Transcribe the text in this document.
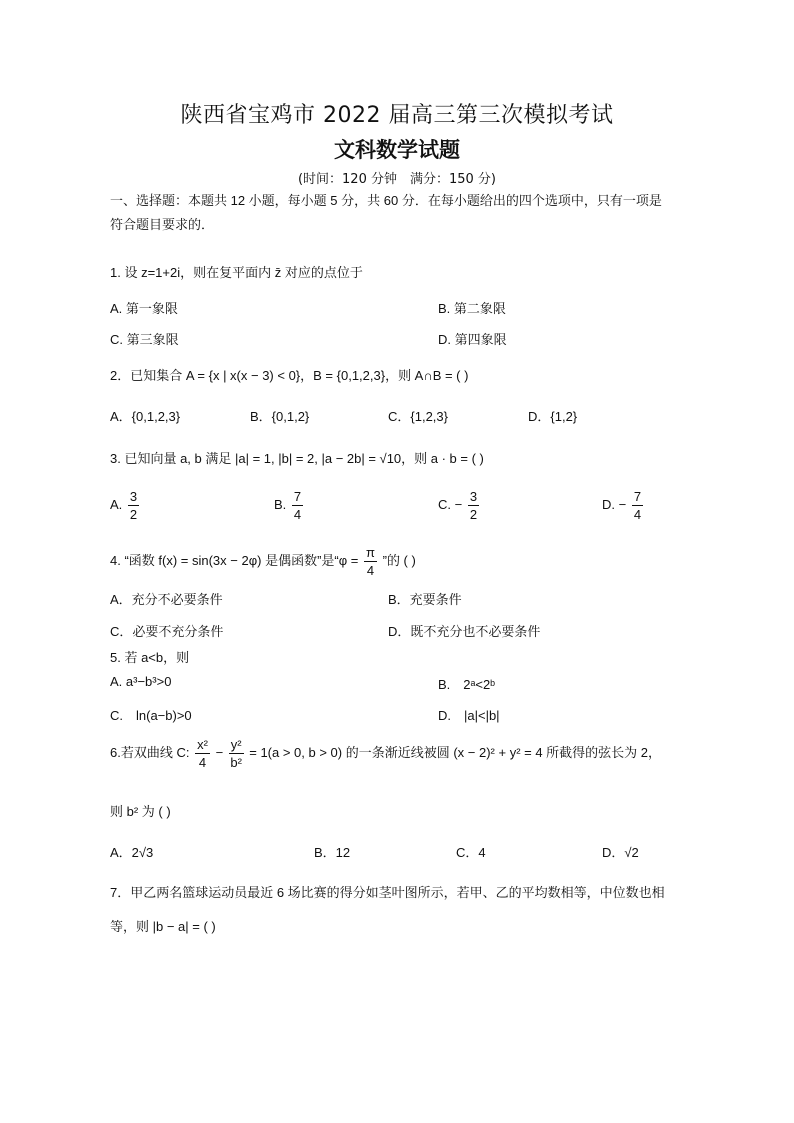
陕西省宝鸡市 2022 届高三第三次模拟考试
文科数学试题
(时间：120 分钟　满分：150 分)
一、选择题：本题共 12 小题，每小题 5 分，共 60 分．在每小题给出的四个选项中，只有一项是
符合题目要求的．
1. 设 z=1+2i，则在复平面内 z̄ 对应的点位于
A. 第一象限	B. 第二象限
C. 第三象限	D. 第四象限
2．已知集合 A = {x | x(x − 3) < 0}，B = {0,1,2,3}，则 A∩B = ( )
A．{0,1,2,3}	B．{0,1,2}	C．{1,2,3}	D．{1,2}
3. 已知向量 a, b 满足 |a| = 1, |b| = 2, |a − 2b| = √10，则 a · b = ( )
A. $\frac{3}{2}$	B. $\frac{7}{4}$	C. − $\frac{3}{2}$	D. − $\frac{7}{4}$
4. “函数 f(x) = sin(3x − 2φ) 是偶函数”是“$\varphi = \frac{\pi}{4}$ ”的 ( )
A．充分不必要条件	B．充要条件
C．必要不充分条件	D．既不充分也不必要条件
5. 若 a<b，则
A. a³−b³>0	B.　2ᵃ<2ᵇ
C.　ln(a−b)>0	D.　|a|<|b|
6.若双曲线 C: $\frac{\text{x²}}{4} - \frac{\text{y²}}{\text{b²}} = 1(a > 0$, b > 0) 的一条渐近线被圆 (x − 2)² + y² = 4 所截得的弦长为 2，
则 b² 为 ( )
A．2√3	B．12	C．4	D．√2
7．甲乙两名篮球运动员最近 6 场比赛的得分如茎叶图所示，若甲、乙的平均数相等，中位数也相
等，则 |b − a| = ( )
